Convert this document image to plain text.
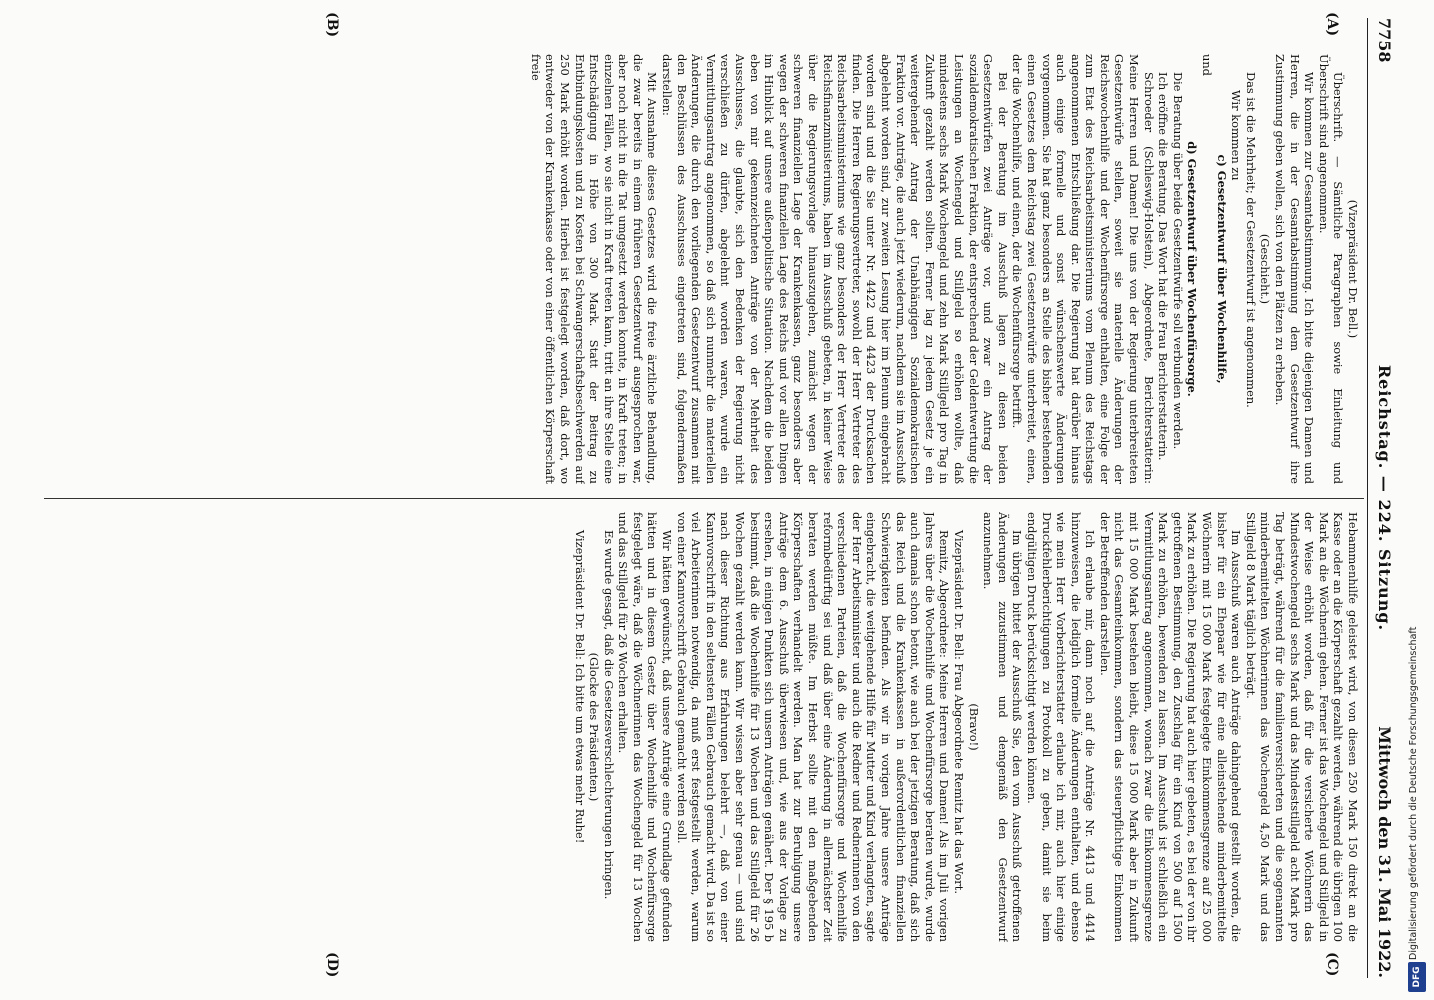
7758
Reichstag. — 224. Sitzung.
Mittwoch den 31. Mai 1922.
(A)
(B)
(C)
(D)

(Vizepräsident Dr. Bell.)

Überschrift. — Sämtliche Paragraphen sowie Einleitung und Überschrift sind angenommen.

Wir kommen zur Gesamtabstimmung. Ich bitte diejenigen Damen und Herren, die in der Gesamtabstimmung dem Gesetzentwurf ihre Zustimmung geben wollen, sich von den Plätzen zu erheben.

(Geschieht.)

Das ist die Mehrheit; der Gesetzentwurf ist angenommen.

Wir kommen zu

c) Gesetzentwurf über Wochenhilfe,

und

d) Gesetzentwurf über Wochenfürsorge.

Die Beratung über beide Gesetzentwürfe soll verbunden werden.

Ich eröffne die Beratung. Das Wort hat die Frau Berichterstatterin.

Schroeder (Schleswig-Holstein), Abgeordnete, Berichterstatterin: Meine Herren und Damen! Die uns von der Regierung unterbreiteten Gesetzentwürfe stellen, soweit sie materielle Änderungen der Reichswochenhilfe und der Wochenfürsorge enthalten, eine Folge der zum Etat des Reichsarbeitsministeriums vom Plenum des Reichstags angenommenen Entschließung dar. Die Regierung hat darüber hinaus auch einige formelle und sonst wünschenswerte Änderungen vorgenommen. Sie hat ganz besonders an Stelle des bisher bestehenden einen Gesetzes dem Reichstag zwei Gesetzentwürfe unterbreitet, einen, der die Wochenhilfe, und einen, der die Wochenfürsorge betrifft.

Bei der Beratung im Ausschuß lagen zu diesen beiden Gesetzentwürfen zwei Anträge vor, und zwar ein Antrag der sozialdemokratischen Fraktion, der entsprechend der Geldentwertung die Leistungen an Wochengeld und Stillgeld so erhöhen wollte, daß mindestens sechs Mark Wochengeld und zehn Mark Stillgeld pro Tag in Zukunft gezahlt werden sollten. Ferner lag zu jedem Gesetz je ein weitergehender Antrag der Unabhängigen Sozialdemokratischen Fraktion vor. Anträge, die auch jetzt wiederum, nachdem sie im Ausschuß abgelehnt worden sind, zur zweiten Lesung hier im Plenum eingebracht worden sind und die Sie unter Nr. 4422 und 4423 der Drucksachen finden. Die Herren Regierungsvertreter, sowohl der Herr Vertreter des Reichsarbeitsministeriums wie ganz besonders der Herr Vertreter des Reichsfinanzministeriums, haben im Ausschuß gebeten, in keiner Weise über die Regierungsvorlage hinauszugehen, zunächst wegen der schweren finanziellen Lage der Krankenkassen, ganz besonders aber wegen der schweren finanziellen Lage des Reichs und vor allen Dingen im Hinblick auf unsere außenpolitische Situation. Nachdem die beiden eben von mir gekennzeichneten Anträge von der Mehrheit des Ausschusses, die glaubte, sich den Bedenken der Regierung nicht verschließen zu dürfen, abgelehnt worden waren, wurde ein Vermittlungsantrag angenommen, so daß sich nunmehr die materiellen Änderungen, die durch den vorliegenden Gesetzentwurf zusammen mit den Beschlüssen des Ausschusses eingetreten sind, folgendermaßen darstellen:

Mit Ausnahme dieses Gesetzes wird die freie ärztliche Behandlung, die zwar bereits in einem früheren Gesetzentwurf ausgesprochen war, aber noch nicht in die Tat umgesetzt werden konnte, in Kraft treten; in einzelnen Fällen, wo sie nicht in Kraft treten kann, tritt an ihre Stelle eine Entschädigung in Höhe von 300 Mark. Statt der Beitrag zu Entbindungskosten und zu Kosten bei Schwangerschaftsbeschwerden auf 250 Mark erhöht worden. Hierbei ist festgelegt worden, daß dort, wo entweder von der Krankenkasse oder von einer öffentlichen Körperschaft freie

Hebammenhilfe geleistet wird, von diesen 250 Mark 150 direkt an die Kasse oder an die Körperschaft gezahlt werden, während die übrigen 100 Mark an die Wöchnerin gehen. Ferner ist das Wochengeld und Stillgeld in der Weise erhöht worden, daß für die versicherte Wöchnerin das Mindestwochengeld sechs Mark und das Mindeststillgeld acht Mark pro Tag beträgt, während für die familienversicherten und die sogenannten minderbemittelten Wöchnerinnen das Wochengeld 4,50 Mark und das Stillgeld 8 Mark täglich beträgt.

Im Ausschuß waren auch Anträge dahingehend gestellt worden, die bisher für ein Ehepaar wie für eine alleinstehende minderbemittelte Wöchnerin mit 15 000 Mark festgelegte Einkommensgrenze auf 25 000 Mark zu erhöhen. Die Regierung hat auch hier gebeten, es bei der von ihr getroffenen Bestimmung, den Zuschlag für ein Kind von 500 auf 1500 Mark zu erhöhen, bewenden zu lassen. Im Ausschuß ist schließlich ein Vermittlungsantrag angenommen, wonach zwar die Einkommensgrenze mit 15 000 Mark bestehen bleibt, diese 15 000 Mark aber in Zukunft nicht das Gesamteinkommen, sondern das steuerpflichtige Einkommen der Betreffenden darstellen.

Ich erlaube mir, dann noch auf die Anträge Nr. 4413 und 4414 hinzuweisen, die lediglich formelle Änderungen enthalten, und ebenso wie mein Herr Vorberichterstatter erlaube ich mir, auch hier einige Druckfehlerberichtigungen zu Protokoll zu geben, damit sie beim endgültigen Druck berücksichtigt werden können.

Im übrigen bittet der Ausschuß Sie, den vom Ausschuß getroffenen Änderungen zuzustimmen und demgemäß den Gesetzentwurf anzunehmen.

(Bravo!)

Vizepräsident Dr. Bell: Frau Abgeordnete Remitz hat das Wort.

Remitz, Abgeordnete: Meine Herren und Damen! Als im Juli vorigen Jahres über die Wochenhilfe und Wochenfürsorge beraten wurde, wurde auch damals schon betont, wie auch bei der jetzigen Beratung, daß sich das Reich und die Krankenkassen in außerordentlichen finanziellen Schwierigkeiten befinden. Als wir in vorigen Jahre unsere Anträge eingebracht, die weitgehende Hilfe für Mutter und Kind verlangten, sagte der Herr Arbeitsminister und auch die Redner und Rednerinnen von den verschiedenen Parteien, daß die Wochenfürsorge und Wochenhilfe reformbedürftig sei und daß über eine Änderung in allernächster Zeit beraten werden müßte. Im Herbst sollte mit den maßgebenden Körperschaften verhandelt werden. Man hat zur Beruhigung unsere Anträge dem 6. Ausschuß überwiesen und, wie aus der Vorlage zu ersehen, in einigen Punkten sich unsern Anträgen genähert. Der § 195 b bestimmt, daß die Wochenhilfe für 13 Wochen und das Stillgeld für 26 Wochen gezahlt werden kann. Wir wissen aber sehr genau — und sind nach dieser Richtung aus Erfahrungen belehrt —, daß von einer Kannvorschrift in den seltensten Fällen Gebrauch gemacht wird. Da ist so viel Arbeiterinnen notwendig, da muß erst festgestellt werden, warum von einer Kannvorschrift Gebrauch gemacht werden soll.

Wir hätten gewünscht, daß unsere Anträge eine Grundlage gefunden hätten und in diesem Gesetz über Wochenhilfe und Wochenfürsorge festgelegt wäre, daß die Wöchnerinnen das Wochengeld für 13 Wochen und das Stillgeld für 26 Wochen erhalten.

Es wurde gesagt, daß die Gesetzesverschlechterungen bringen.

(Glocke des Präsidenten.)

Vizepräsident Dr. Bell: Ich bitte um etwas mehr Ruhe!	Digitalisierung gefördert durch die Deutsche Forschungsgemeinschaft
DFG
